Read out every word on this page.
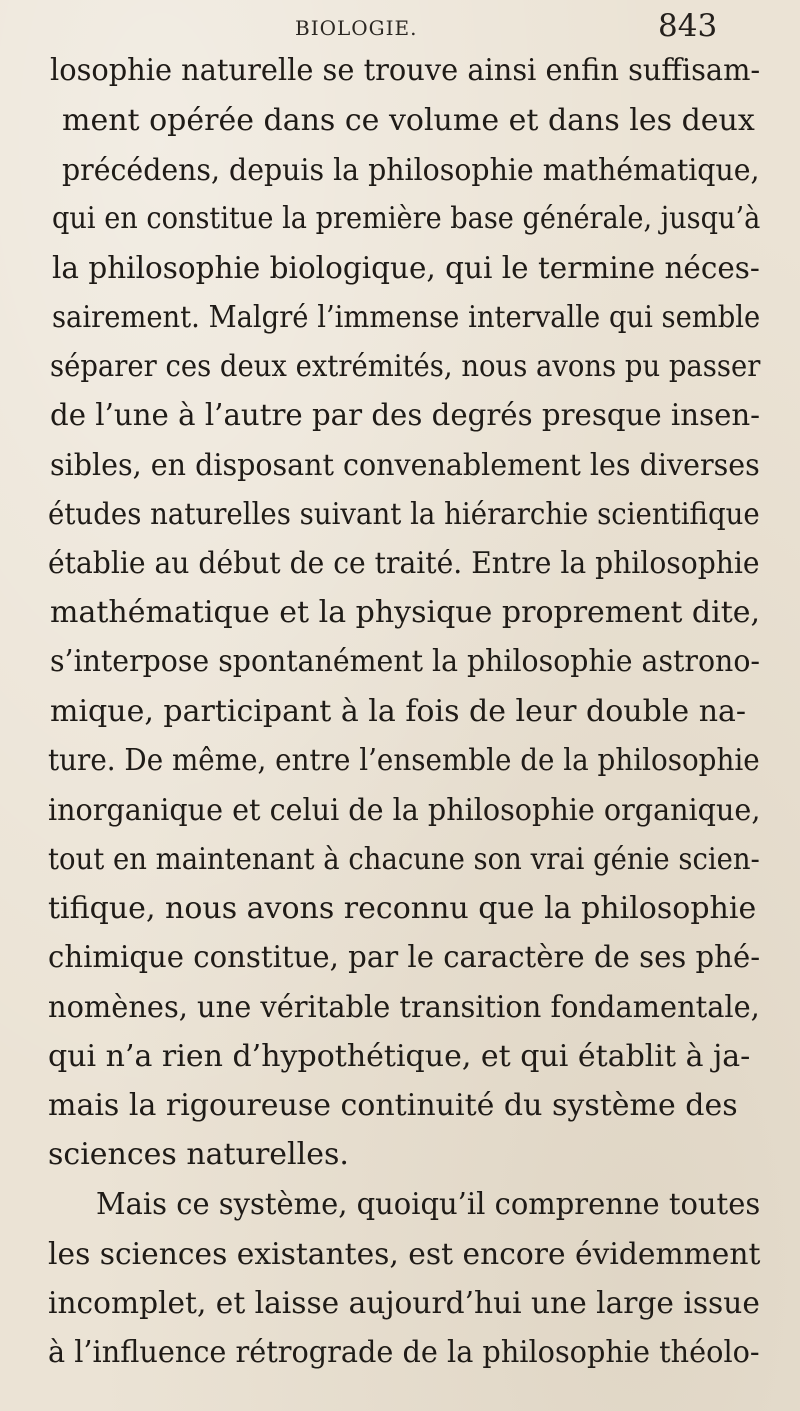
BIOLOGIE.	843
losophie naturelle se trouve ainsi enfin suffisam-
ment opérée dans ce volume et dans les deux
précédens, depuis la philosophie mathématique,
qui en constitue la première base générale, jusqu’à
la philosophie biologique, qui le termine néces-
sairement. Malgré l’immense intervalle qui semble
séparer ces deux extrémités, nous avons pu passer
de l’une à l’autre par des degrés presque insen-
sibles, en disposant convenablement les diverses
études naturelles suivant la hiérarchie scientifique
établie au début de ce traité. Entre la philosophie
mathématique et la physique proprement dite,
s’interpose spontanément la philosophie astrono-
mique, participant à la fois de leur double na-
ture. De même, entre l’ensemble de la philosophie
inorganique et celui de la philosophie organique,
tout en maintenant à chacune son vrai génie scien-
tifique, nous avons reconnu que la philosophie
chimique constitue, par le caractère de ses phé-
nomènes, une véritable transition fondamentale,
qui n’a rien d’hypothétique, et qui établit à ja-
mais la rigoureuse continuité du système des
sciences naturelles.
Mais ce système, quoiqu’il comprenne toutes
les sciences existantes, est encore évidemment
incomplet, et laisse aujourd’hui une large issue
à l’influence rétrograde de la philosophie théolo-
